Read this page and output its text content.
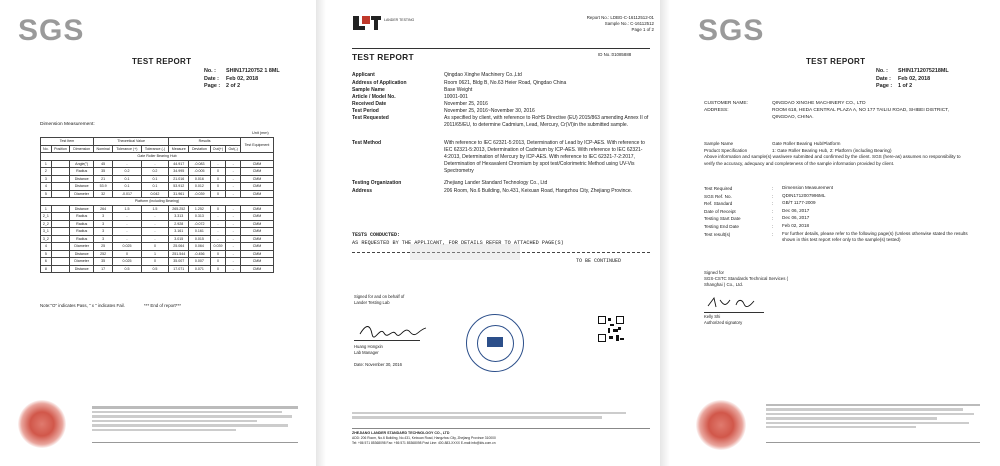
SGS
TEST REPORT
No. : SHIN17120752 1 8ML
Date : Feb 02, 2018
Page : 2 of 2
Dimension Measurement:
Unit (mm)
Test Item			Theoretical Value			Results				Test Equipment
No.	Position	Dimension	Nominal	Tolerance (+)	Tolerance (-)	Measure	Deviation	Out(+)	Out(-)	
Gate Roller Bearing Hub										
1		Angle(°)	45	-	-	44.917	-0.083	-	-	CMM
2		Radius	35	0.2	0.2	34.995	-0.005	0	-	CMM
3		Distance	21	0.1	0.1	21.016	0.016	0	-	CMM
4		Distance	53.9	0.1	0.1	53.912	0.012	0	-	CMM
5		Diameter	32	-0.017	0.042	31.961	-0.039	0	-	CMM
Platform (including Bearing)										
1		Distance	264	1.5	1.5	265.252	1.252	0	-	CMM
2_1		Radius	3	-	-	3.313	0.313	-	-	CMM
2_2		Radius	3	-	-	2.928	-0.072	-	-	CMM
3_1		Radius	3	-	-	3.161	0.161	-	-	CMM
3_2		Radius	3	-	-	3.015	0.015	-	-	CMM
4		Diameter	25	0.025	0	25.064	0.064	0.039	-	CMM
5		Distance	252	0	1	251.544	-0.456	0	-	CMM
6		Diameter	35	0.025	0	35.007	0.007	0	-	CMM
8		Distance	17	0.5	0.5	17.071	0.071	0	-	CMM
Note:"O" indicates Pass, " x " indicates Fail.	*** End of report***
LANDER TESTING	Report No.: LDBG-C-16112512-01
Sample No.: C-16112512
Page 1 of 2
TEST REPORT	ID No.:01085888
Applicant	Qingdao Xinghe Machinery Co.,Ltd
Address of Application	Room 0621, Bldg B, No.63 Heier Road, Qingdao China
Sample Name	Base Weight
Article / Model No.	10001-001
Received Date	November 25, 2016
Test Period	November 25, 2016~November 30, 2016
Test Requested	As specified by client, with reference to RoHS Directive (EU) 2015/863 amending Annex II of 2011/65/EU, to determine Cadmium, Lead, Mercury, Cr(VI)in the submitted sample.
Test Method	With reference to IEC 62321-5:2013, Determination of Lead by ICP-AES. With reference to IEC 62321-5:2013, Determination of Cadmium by ICP-AES. With reference to IEC 62321-4:2013, Determination of Mercury by ICP-AES. With reference to IEC 62321-7-2:2017, Determination of Hexavalent Chromium by spot test/Colorimetric Method using UV-Vis Spectrometry
Testing Organization	Zhejiang Lander Standard Technology Co., Ltd
Address	206 Room, No.6 Building, No.431, Keixuan Road, Hangzhou City, Zhejiang Province.
TESTS CONDUCTED:
AS REQUESTED BY THE APPLICANT, FOR DETAILS REFER TO ATTACHED PAGE(S)
TO BE CONTINUED
Signed for and on behalf of
Lander Testing Lab
Huang Hongxin
Lab Manager
Date: November 30, 2016
ZHEJIANG LANDER STANDARD TECHNOLOGY CO., LTD
ADD: 206 Room, No.6 Building, No.431, Keixuan Road, Hangzhou City, Zhejiang Province 310000
Tel: +86 571 85368098 Fax: +86 571 85368098 Post Line: 400-883-XXXX E-mail:info@lds.com.cn
SGS
TEST REPORT
No. : SHIN1712075218ML
Date : Feb 02, 2018
Page : 1 of 2
CUSTOMER NAME:	QINGDAO XINGHE MACHINERY CO., LTD
ADDRESS:	ROOM 618, HEDA CENTRAL PLAZA A, NO 177 TAILIU ROAD, SHIBEI DISTRICT, QINGDAO, CHINA.
Sample Name	Gate Roller Bearing Hub/Platform
Product Specification	1: Gate Roller Bearing Hub, 2: Platform (including Bearing)
Above information and sample(s) was/were submitted and confirmed by the client. SGS (here-as) assumes no responsibility to verify the accuracy, adequacy and completeness of the sample information provided by client.
Test Required	:	Dimension Measurement
SGS Ref. No.	:	QDIN1712007996ML
Ref. Standard	:	GB/T 1177-2009
Date of Receipt	:	Dec 06, 2017
Testing Start Date	:	Dec 06, 2017
Testing End Date	:	Feb 02, 2018
Test result(s)	:	For further details, please refer to the following page(s) (Unless otherwise stated the results shown in this test report refer only to the sample(s) tested)
Signed for
SGS-CSTC Standards Technical Services ( Shanghai ) Co., Ltd.
Kelly Shi
Authorized signatory
